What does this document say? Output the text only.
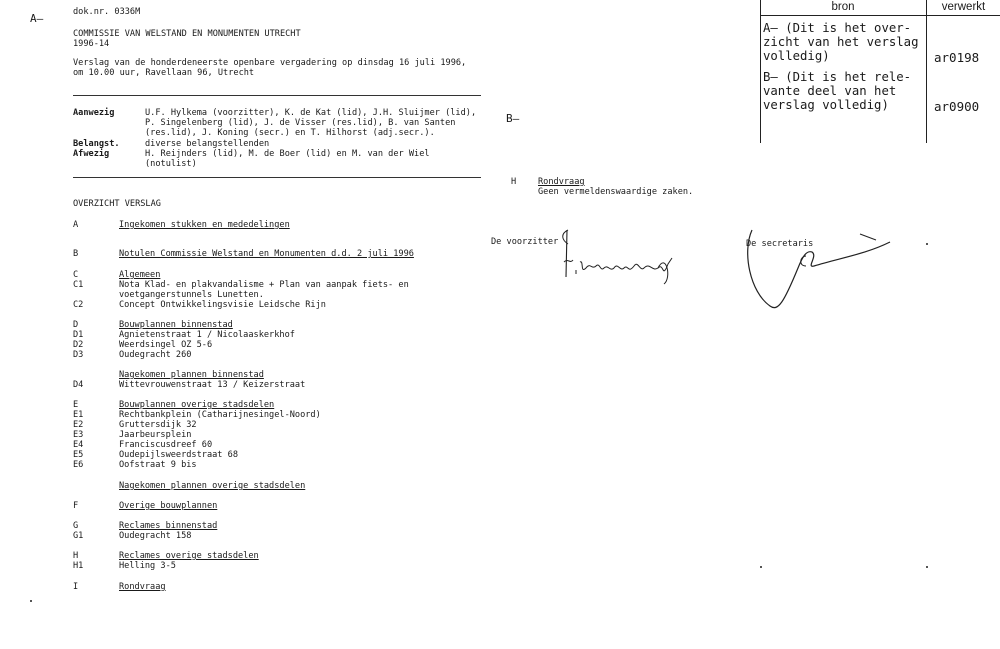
A–
B–
dok.nr. 0336M
COMMISSIE VAN WELSTAND EN MONUMENTEN UTRECHT
1996-14
Verslag van de honderdeneerste openbare vergadering op dinsdag 16 juli 1996,
om 10.00 uur, Ravellaan 96, Utrecht
Aanwezig	U.F. Hylkema (voorzitter), K. de Kat (lid), J.H. Sluijmer (lid),
P. Singelenberg (lid), J. de Visser (res.lid), B. van Santen
(res.lid), J. Koning (secr.) en T. Hilhorst (adj.secr.).
Belangst.	diverse belangstellenden
Afwezig	H. Reijnders (lid), M. de Boer (lid) en M. van der Wiel
(notulist)
OVERZICHT VERSLAG
A	Ingekomen stukken en mededelingen
B	Notulen Commissie Welstand en Monumenten d.d. 2 juli 1996
C	Algemeen
C1	Nota Klad- en plakvandalisme + Plan van aanpak fiets- en
voetgangerstunnels Lunetten.
C2	Concept Ontwikkelingsvisie Leidsche Rijn
D	Bouwplannen binnenstad
D1	Agnietenstraat 1 / Nicolaaskerkhof
D2	Weerdsingel OZ 5-6
D3	Oudegracht 260
Nagekomen plannen binnenstad
D4	Wittevrouwenstraat 13 / Keizerstraat
E	Bouwplannen overige stadsdelen
E1	Rechtbankplein (Catharijnesingel-Noord)
E2	Gruttersdijk 32
E3	Jaarbeursplein
E4	Franciscusdreef 60
E5	Oudepijlsweerdstraat 68
E6	Oofstraat 9 bis
Nagekomen plannen overige stadsdelen
F	Overige bouwplannen
G	Reclames binnenstad
G1	Oudegracht 158
H	Reclames overige stadsdelen
H1	Helling 3-5
I	Rondvraag
H	Rondvraag
Geen vermeldenswaardige zaken.
De voorzitter	De secretaris
bron	verwerkt
A– (Dit is het over-
zicht van het verslag
volledig)	ar0198
B– (Dit is het rele-
vante deel van het
verslag volledig)	ar0900
